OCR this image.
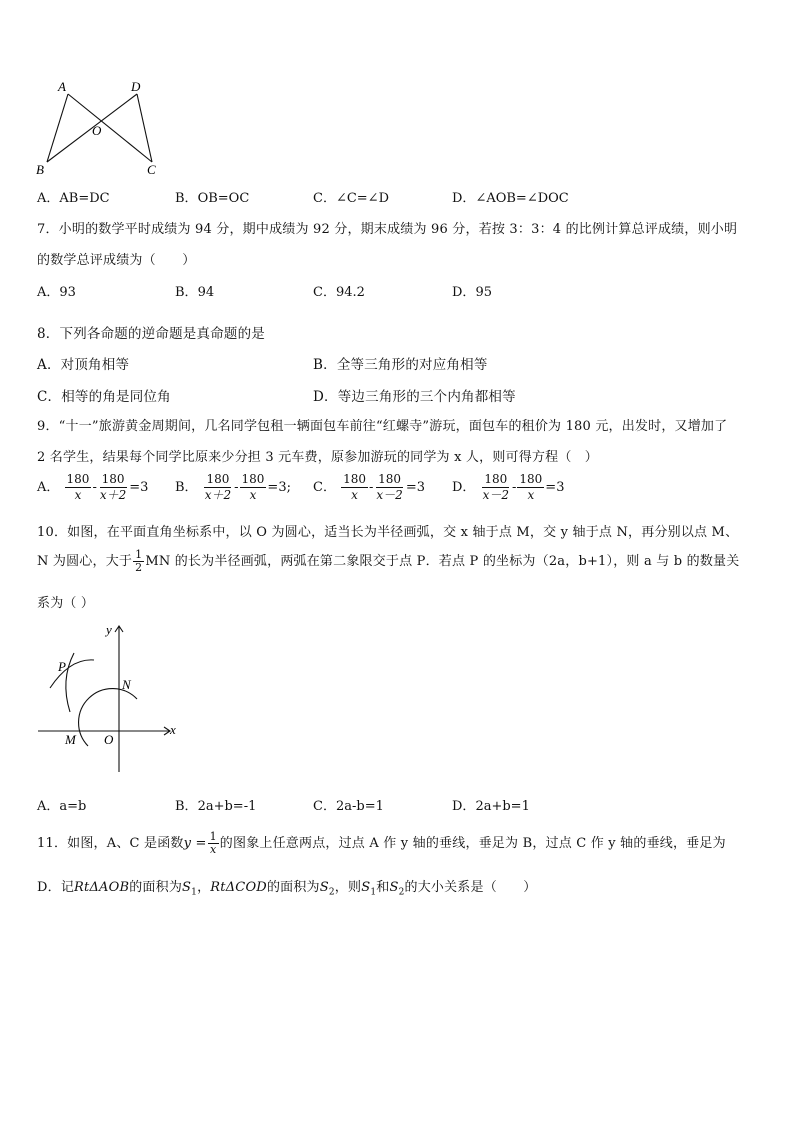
A	D
O
B	C
A．AB=DC	B．OB=OC	C．∠C=∠D	D．∠AOB=∠DOC
7．小明的数学平时成绩为 94 分，期中成绩为 92 分，期末成绩为 96 分，若按 3：3：4 的比例计算总评成绩，则小明
的数学总评成绩为（　　）
A．93	B．94	C．94.2	D．95
8．下列各命题的逆命题是真命题的是
A．对顶角相等	B．全等三角形的对应角相等
C．相等的角是同位角	D．等边三角形的三个内角都相等
9．“十一”旅游黄金周期间，几名同学包租一辆面包车前往“红螺寺”游玩，面包车的租价为 180 元，出发时，又增加了
2 名学生，结果每个同学比原来少分担 3 元车费，原参加游玩的同学为 x 人，则可得方程（　）
A． $\frac{180}{x} - \frac{180}{x+2} =3$ B． $\frac{180}{x+2} - \frac{180}{x} =3$; C． $\frac{180}{x} - \frac{180}{x-2} =3$ D． $\frac{180}{x-2} - \frac{180}{x} =3$
10．如图，在平面直角坐标系中，以 O 为圆心，适当长为半径画弧，交 x 轴于点 M，交 y 轴于点 N，再分别以点 M、
N 为圆心，大于 $\frac{1}{2}$ MN 的长为半径画弧，两弧在第二象限交于点 P．若点 P 的坐标为（2a，b+1），则 a 与 b 的数量关
系为（ ）
y
x
P
N
M O
A．a=b	B．2a+b=-1	C．2a-b=1	D．2a+b=1
11．如图，A、C 是函数$y = \frac{1}{x}$ 的图象上任意两点，过点 A 作 y 轴的垂线，垂足为 B，过点 C 作 y 轴的垂线，垂足为
D．记RtΔAOB的面积为$S_1$，RtΔCOD的面积为$S_2$，则$S_1$和$S_2$的大小关系是（　　）
